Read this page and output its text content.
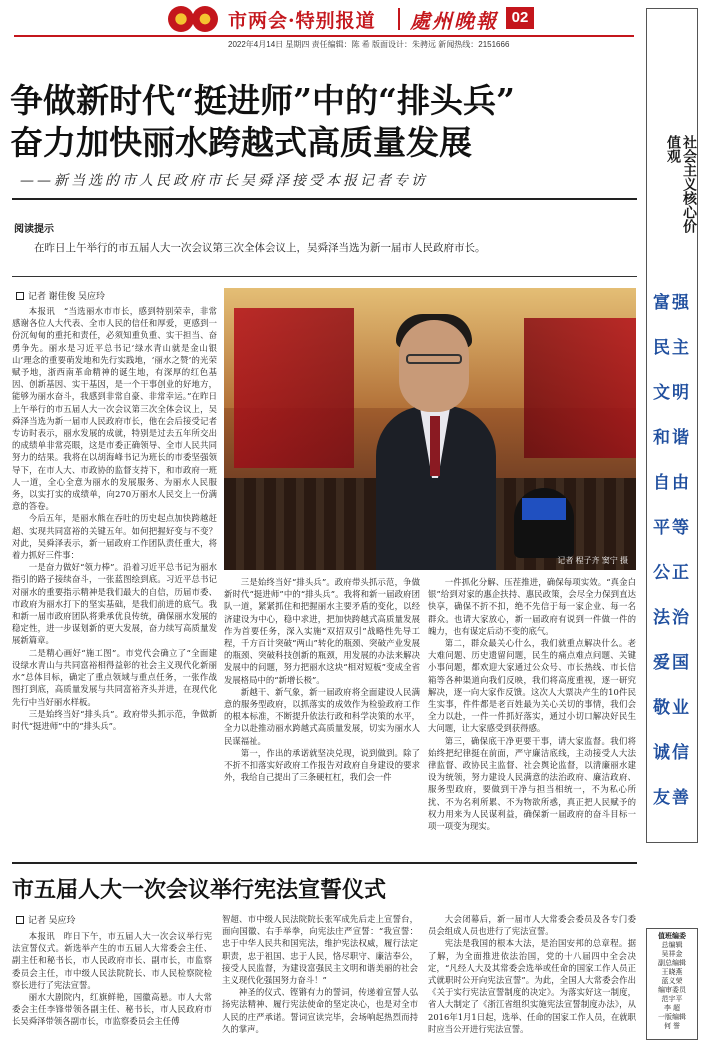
市两会·特别报道 處州晚報 02
2022年4月14日 星期四 责任编辑：陈 希 版面设计：朱骋远 新闻热线：2151666
社会主义核心价值观
富强
民主
文明
和谐
自由
平等
公正
法治
爱国
敬业
诚信
友善
值班编委
总编辑
吴祥金
副总编辑
王晓燕
蓝义荣
编审委员
范宇平
李 超
一版编辑
何 誉
争做新时代“挺进师”中的“排头兵”
奋力加快丽水跨越式高质量发展
——新当选的市人民政府市长吴舜泽接受本报记者专访
阅读提示
在昨日上午举行的市五届人大一次会议第三次全体会议上，吴舜泽当选为新一届市人民政府市长。
记者 谢佳俊 吴应玲

本报讯　“当选丽水市市长，感到特别荣幸，非常感谢各位人大代表、全市人民的信任和厚爱，更感到一份沉甸甸的重托和责任，必须知重负重、实干担当、奋勇争先。丽水是习近平总书记‘绿水青山就是金山银山’理念的重要萌发地和先行实践地，‘丽水之赞’的光荣赋予地，浙西南革命精神的诞生地，有深厚的红色基因、创新基因、实干基因，是一个干事创业的好地方，能够为丽水奋斗，我感到非常自豪、非常幸运。”在昨日上午举行的市五届人大一次会议第三次全体会议上，吴舜泽当选为新一届市人民政府市长，他在会后接受记者专访时表示，丽水发展的成就，特别是过去五年所交出的成绩单非常亮眼，这是市委正确领导、全市人民共同努力的结果。我将在以胡海峰书记为班长的市委坚强领导下，在市人大、市政协的监督支持下，和市政府一班人一道，全心全意为丽水的发展服务、为丽水人民服务，以实打实的成绩单，向270万丽水人民交上一份满意的答卷。

今后五年，是丽水熊在吞吐的历史起点加快跨越赶超、实现共同富裕的关键五年。如何把握好变与不变？对此，吴舜泽表示，新一届政府工作团队责任重大，将着力抓好三件事：

一是奋力做好“领力棒”。沿着习近平总书记为丽水指引的路子接续奋斗，一张蓝图绘到底。习近平总书记对丽水的重要指示精神是我们最大的自信，历届市委、市政府为丽水打下的坚实基础，是我们前进的底气。我和新一届市政府团队将秉承优良传统，确保丽水发展的稳定性，进一步谋划新的更大发展，奋力续写高质量发展新篇章。

二是精心画好“施工图”。市党代会确立了“全面建设绿水青山与共同富裕相得益彰的社会主义现代化新丽水”总体目标，确定了重点领域与重点任务，一张作战图打到底，高质量发展与共同富裕齐头并进，在现代化先行中当好丽水样板。

三是始终当好“排头兵”。政府带头抓示范，争做新时代“挺进师”中的“排头兵”。

记者 程子齐 窦宁 摄

三是始终当好“排头兵”。政府带头抓示范，争做新时代“挺进师”中的“排头兵”。我将和新一届政府团队一道，紧紧抓住和把握丽水主要矛盾的变化，以经济建设为中心，稳中求进，把加快跨越式高质量发展作为首要任务，深入实施“双招双引”战略性先导工程，千方百计突破“两山”转化的瓶颈、突破产业发展的瓶颈、突破科技创新的瓶颈，用发展的办法来解决发展中的问题，努力把丽水这块“相对短板”变成全省发展格局中的“新增长极”。

新越干、新气象，新一届政府将全面建设人民满意的服务型政府，以抓落实的成效作为检验政府工作的根本标准，不断提升依法行政和科学决策的水平，全力以赴推动丽水跨越式高质量发展，切实为丽水人民谋福祉。

第一，作出的承诺就坚决兑现，说到做到。除了不折不扣落实好政府工作报告对政府自身建设的要求外，我给自己提出了三条硬杠杠，我们会一件

一件抓化分解、压茬推进，确保每项实效。“真金白银”给到对家的惠企扶持、惠民政策，会尽全力保到直达快享，确保不折不扣，绝不先信于每一家企业、每一名群众。也请大家放心，新一届政府有说到一件做一件的魄力，也有谋定后动不变的底气。

第二，群众最关心什么，我们就重点解决什么。老大难问题、历史遗留问题，民生的痛点难点问题、关键小事问题，都欢迎大家通过公众号、市长热线、市长信箱等各种渠道向我们反映，我们将高度重视，逐一研究解决，逐一向大家作反馈。这次人大票决产生的10件民生实事，件件都是老百姓最为关心关切的事情，我们会全力以赴，一件一件抓好落实，通过小切口解决好民生大问题，让大家感受到获得感。

第三，确保底干净更要干事，请大家监督。我们将始终把纪律挺在前面，严守廉洁底线，主动接受人大法律监督、政协民主监督、社会舆论监督，以清廉丽水建设为统领，努力建设人民满意的法治政府、廉洁政府、服务型政府，要做到干净与担当相统一，不为私心所扰、不为名利所累、不为物欲所惑，真正把人民赋予的权力用来为人民谋利益，确保新一届政府的奋斗目标一项一项变为现实。

市五届人大一次会议举行宪法宣誓仪式
记者 吴应玲

本报讯　昨日下午，市五届人大一次会议举行宪法宣誓仪式。新选举产生的市五届人大常委会主任、副主任和秘书长，市人民政府市长、副市长，市监察委员会主任，市中级人民法院院长、市人民检察院检察长进行了宪法宣誓。

丽水大剧院内，红旗鲜艳，国徽高悬。市人大常委会主任李锋带领各副主任、秘书长，市人民政府市长吴舜泽带领各副市长，市监察委员会主任傅

智超、市中级人民法院院长张军成先后走上宣誓台，面向国徽、右手举拳，向宪法庄严宣誓：“我宣誓：忠于中华人民共和国宪法，维护宪法权威，履行法定职责，忠于祖国、忠于人民，恪尽职守、廉洁奉公，接受人民监督，为建设富强民主文明和谐美丽的社会主义现代化强国努力奋斗！”

神圣的仪式、铿锵有力的誓词，传递着宣誓人弘扬宪法精神、履行宪法使命的坚定决心，也是对全市人民的庄严承诺。誓词宣读完毕，会场响起热烈而持久的掌声。

大会闭幕后，新一届市人大常委会委员及各专门委员会组成人员也进行了宪法宣誓。

宪法是我国的根本大法，是治国安邦的总章程。据了解，为全面推进依法治国，党的十八届四中全会决定，“凡经人大及其常委会选举或任命的国家工作人员正式就职时公开向宪法宣誓”。为此，全国人大常委会作出《关于实行宪法宣誓制度的决定》。为落实好这一制度，省人大制定了《浙江省组织实施宪法宣誓制度办法》，从2016年1月1日起，选举、任命的国家工作人员，在就职时应当公开进行宪法宣誓。
